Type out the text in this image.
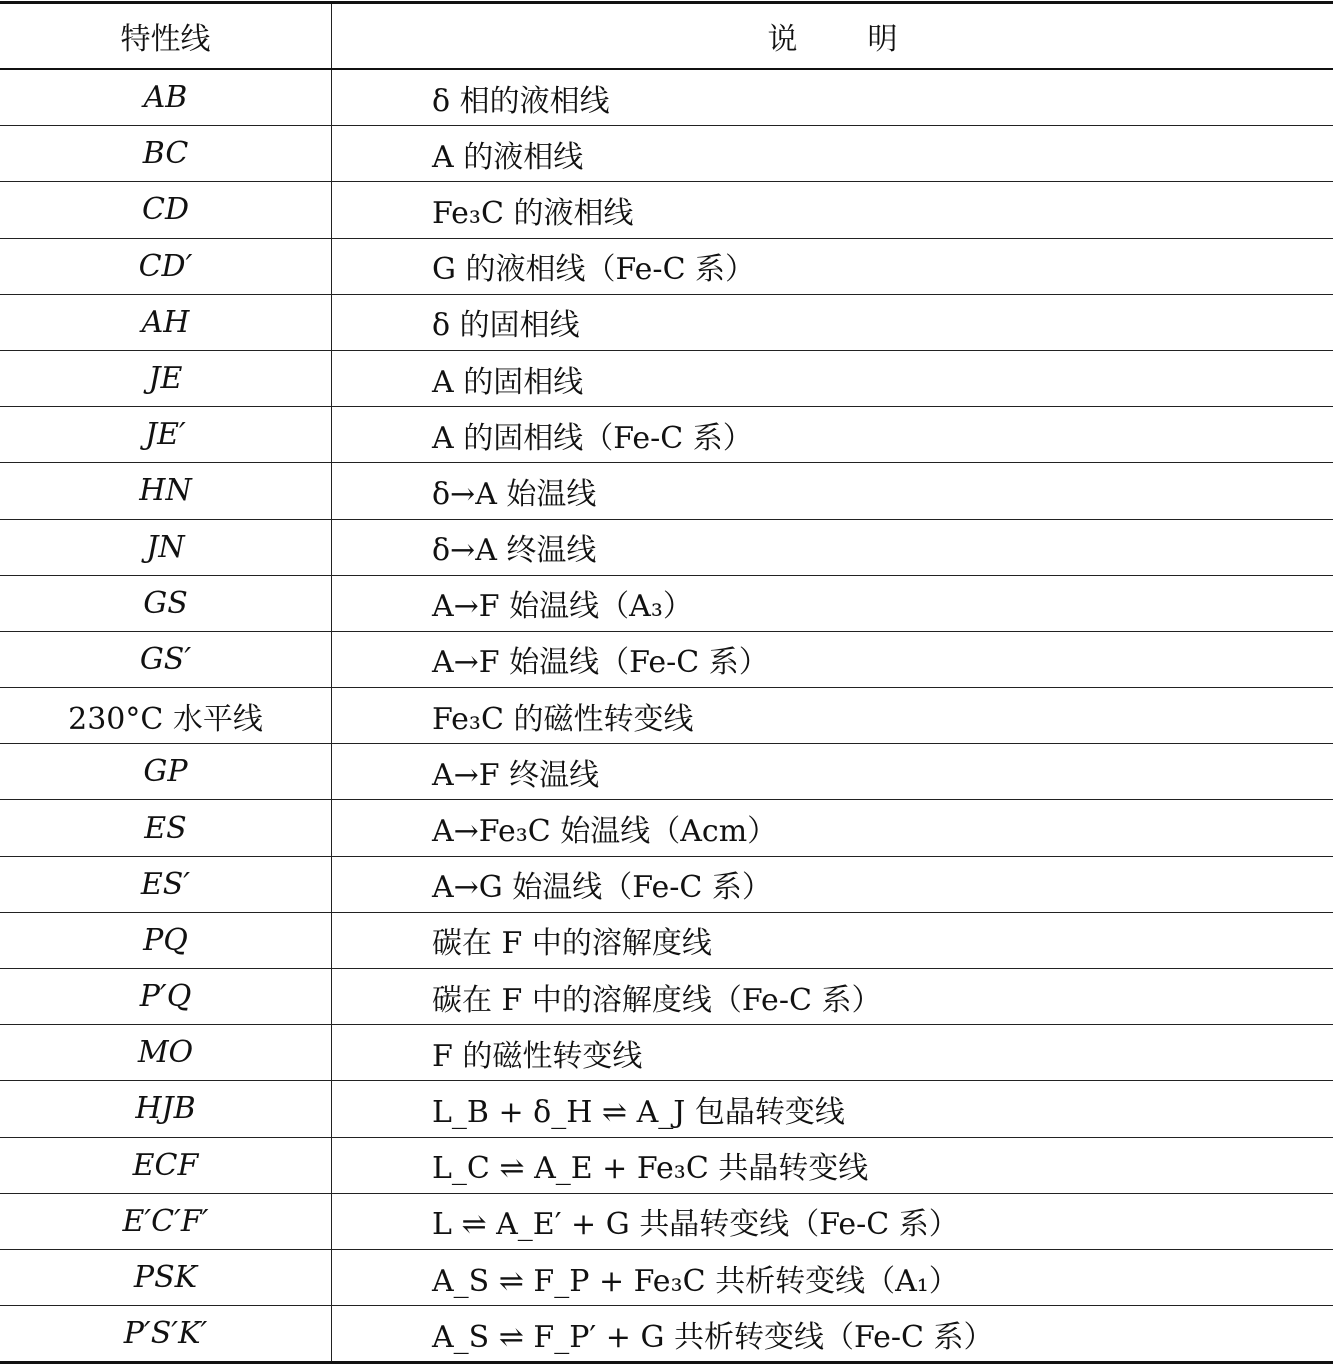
特性线	说 明
AB	δ 相的液相线
BC	A 的液相线
CD	Fe₃C 的液相线
CD′	G 的液相线（Fe-C 系）
AH	δ 的固相线
JE	A 的固相线
JE′	A 的固相线（Fe-C 系）
HN	δ→A 始温线
JN	δ→A 终温线
GS	A→F 始温线（A₃）
GS′	A→F 始温线（Fe-C 系）
230°C 水平线	Fe₃C 的磁性转变线
GP	A→F 终温线
ES	A→Fe₃C 始温线（Acm）
ES′	A→G 始温线（Fe-C 系）
PQ	碳在 F 中的溶解度线
P′Q	碳在 F 中的溶解度线（Fe-C 系）
MO	F 的磁性转变线
HJB	L_B + δ_H ⇌ A_J 包晶转变线
ECF	L_C ⇌ A_E + Fe₃C 共晶转变线
E′C′F′	L ⇌ A_E′ + G 共晶转变线（Fe-C 系）
PSK	A_S ⇌ F_P + Fe₃C 共析转变线（A₁）
P′S′K′	A_S ⇌ F_P′ + G 共析转变线（Fe-C 系）
